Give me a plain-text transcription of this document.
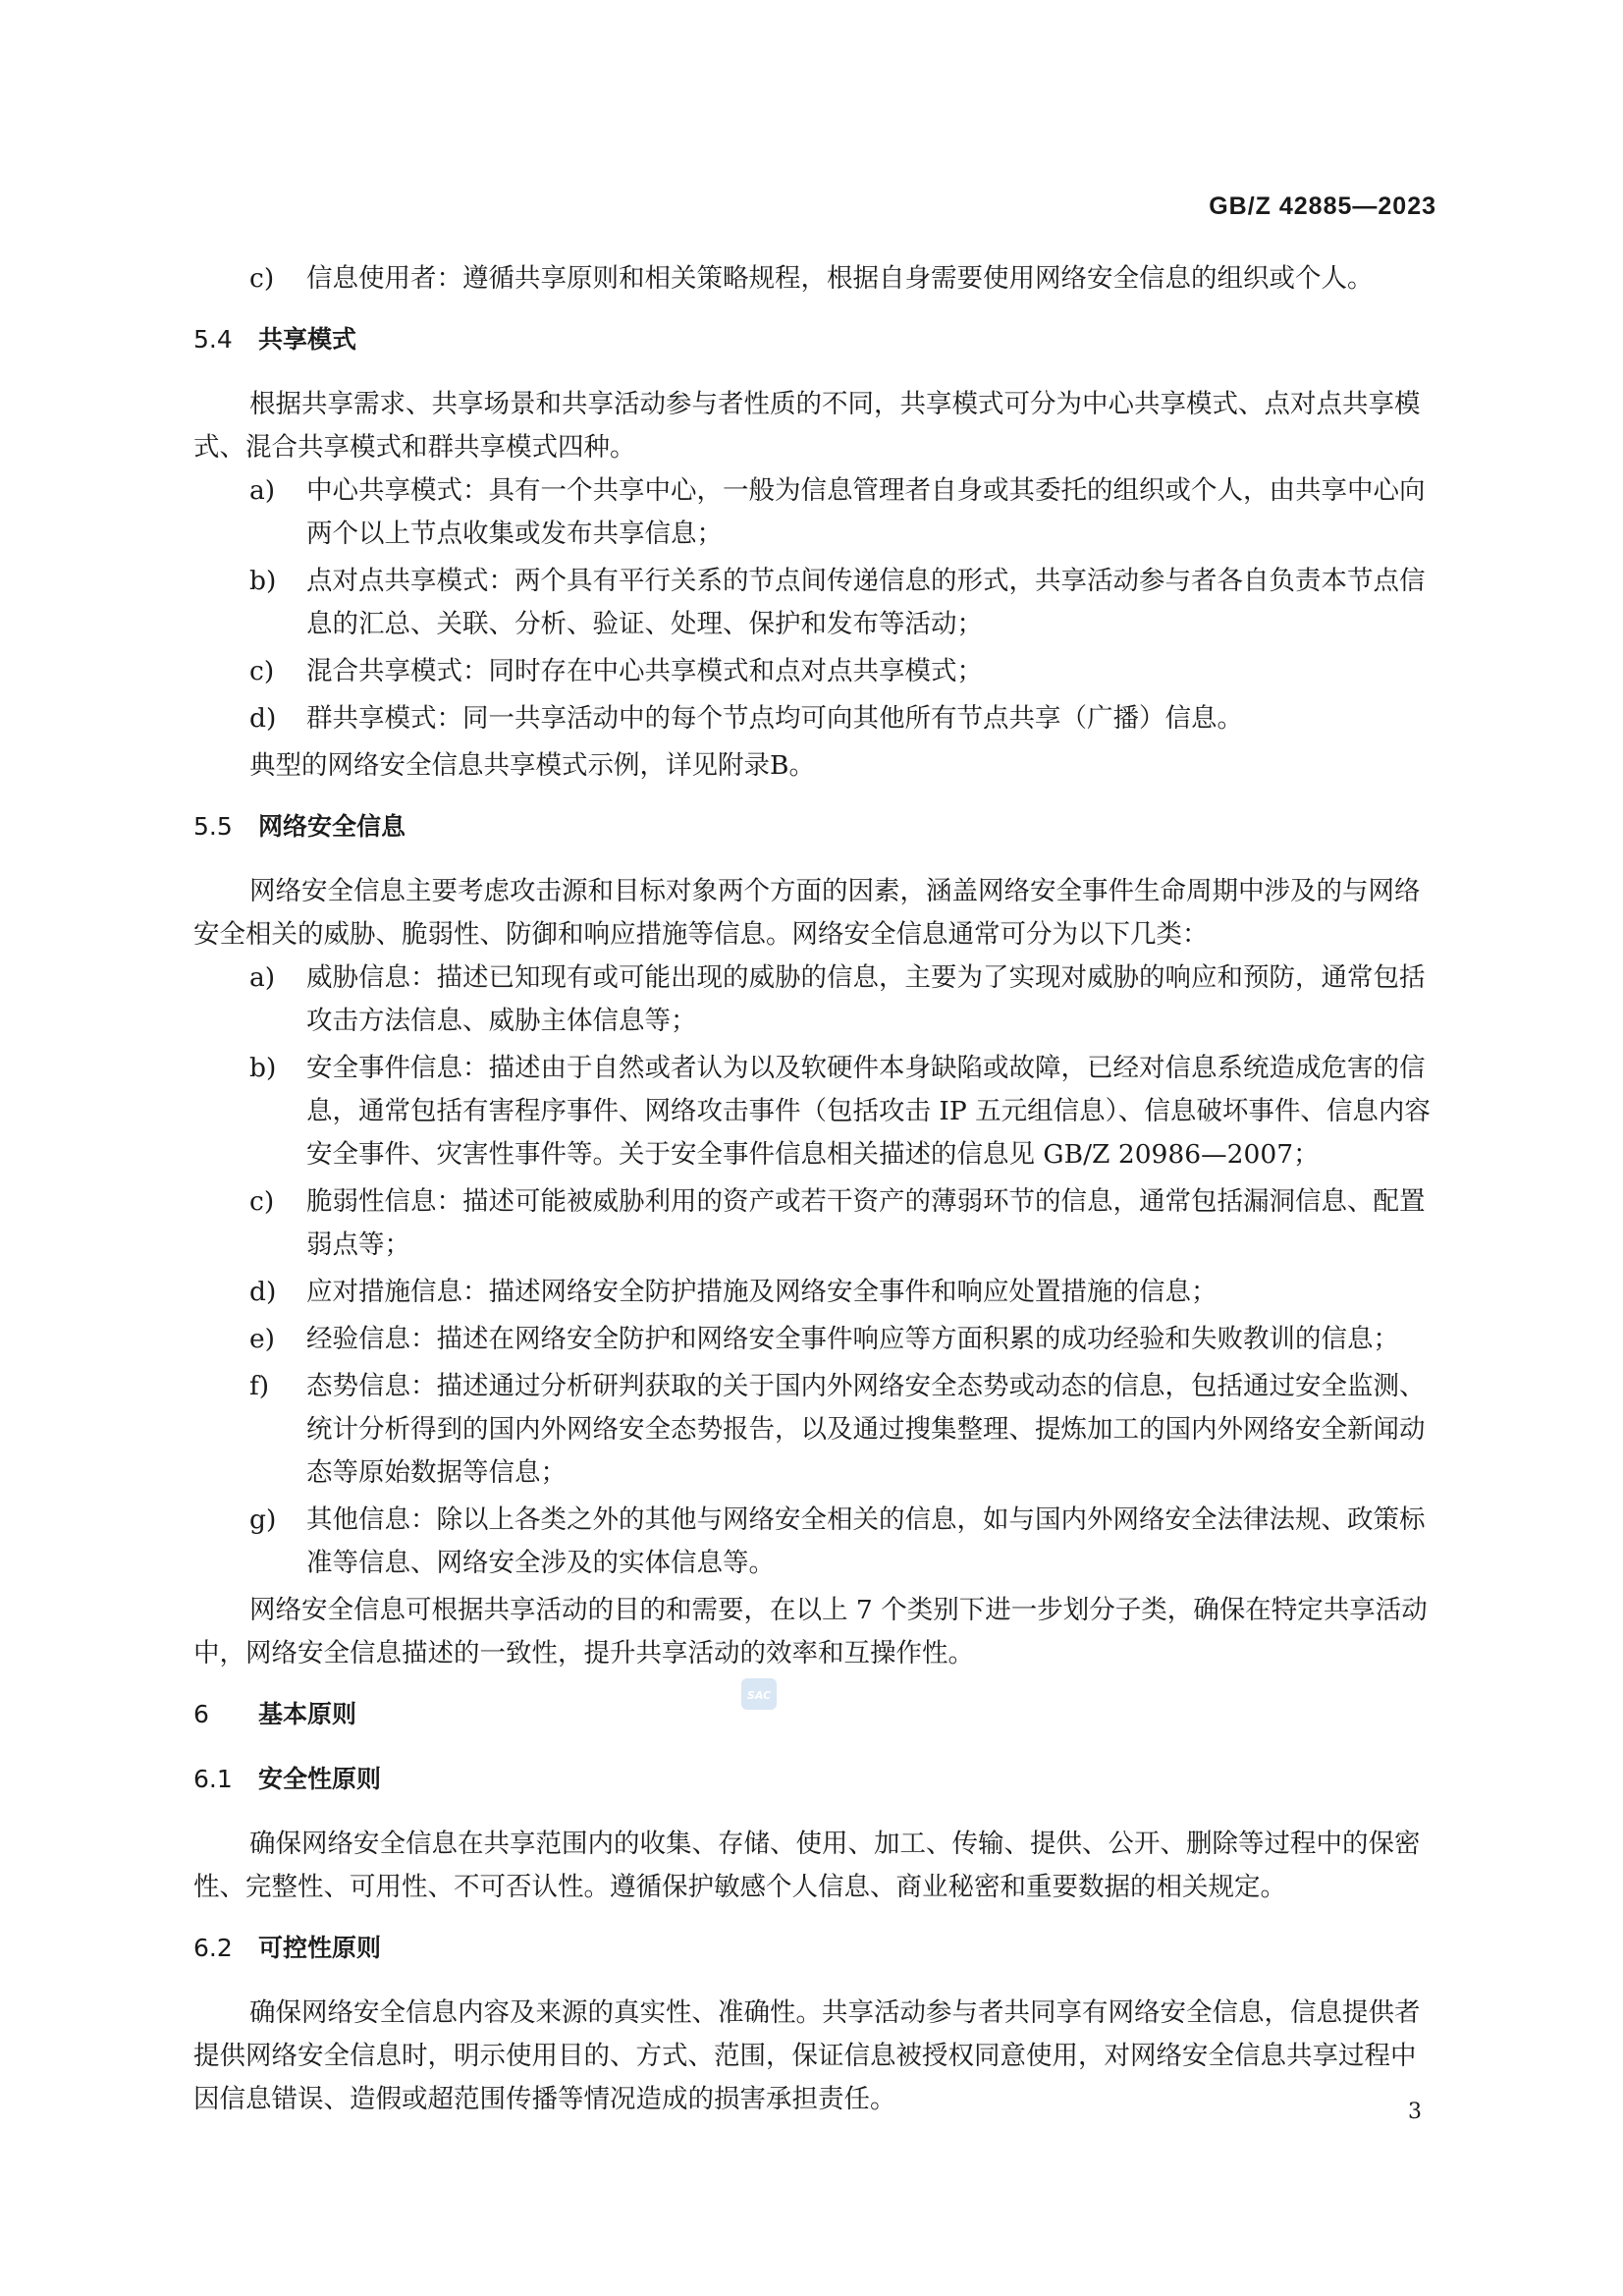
GB/Z 42885—2023
c)	信息使用者：遵循共享原则和相关策略规程，根据自身需要使用网络安全信息的组织或个人。

5.4 共享模式

根据共享需求、共享场景和共享活动参与者性质的不同，共享模式可分为中心共享模式、点对点共享模式、混合共享模式和群共享模式四种。

a)	中心共享模式：具有一个共享中心，一般为信息管理者自身或其委托的组织或个人，由共享中心向两个以上节点收集或发布共享信息；
b)	点对点共享模式：两个具有平行关系的节点间传递信息的形式，共享活动参与者各自负责本节点信息的汇总、关联、分析、验证、处理、保护和发布等活动；
c)	混合共享模式：同时存在中心共享模式和点对点共享模式；
d)	群共享模式：同一共享活动中的每个节点均可向其他所有节点共享（广播）信息。

典型的网络安全信息共享模式示例，详见附录B。

5.5 网络安全信息

网络安全信息主要考虑攻击源和目标对象两个方面的因素，涵盖网络安全事件生命周期中涉及的与网络安全相关的威胁、脆弱性、防御和响应措施等信息。网络安全信息通常可分为以下几类：

a)	威胁信息：描述已知现有或可能出现的威胁的信息，主要为了实现对威胁的响应和预防，通常包括攻击方法信息、威胁主体信息等；
b)	安全事件信息：描述由于自然或者认为以及软硬件本身缺陷或故障，已经对信息系统造成危害的信息，通常包括有害程序事件、网络攻击事件（包括攻击 IP 五元组信息）、信息破坏事件、信息内容安全事件、灾害性事件等。关于安全事件信息相关描述的信息见 GB/Z 20986—2007；
c)	脆弱性信息：描述可能被威胁利用的资产或若干资产的薄弱环节的信息，通常包括漏洞信息、配置弱点等；
d)	应对措施信息：描述网络安全防护措施及网络安全事件和响应处置措施的信息；
e)	经验信息：描述在网络安全防护和网络安全事件响应等方面积累的成功经验和失败教训的信息；
f)	态势信息：描述通过分析研判获取的关于国内外网络安全态势或动态的信息，包括通过安全监测、统计分析得到的国内外网络安全态势报告，以及通过搜集整理、提炼加工的国内外网络安全新闻动态等原始数据等信息；
g)	其他信息：除以上各类之外的其他与网络安全相关的信息，如与国内外网络安全法律法规、政策标准等信息、网络安全涉及的实体信息等。

网络安全信息可根据共享活动的目的和需要，在以上 7 个类别下进一步划分子类，确保在特定共享活动中，网络安全信息描述的一致性，提升共享活动的效率和互操作性。

6 基本原则

6.1 安全性原则

确保网络安全信息在共享范围内的收集、存储、使用、加工、传输、提供、公开、删除等过程中的保密性、完整性、可用性、不可否认性。遵循保护敏感个人信息、商业秘密和重要数据的相关规定。

6.2 可控性原则

确保网络安全信息内容及来源的真实性、准确性。共享活动参与者共同享有网络安全信息，信息提供者提供网络安全信息时，明示使用目的、方式、范围，保证信息被授权同意使用，对网络安全信息共享过程中因信息错误、造假或超范围传播等情况造成的损害承担责任。

SAC
3
